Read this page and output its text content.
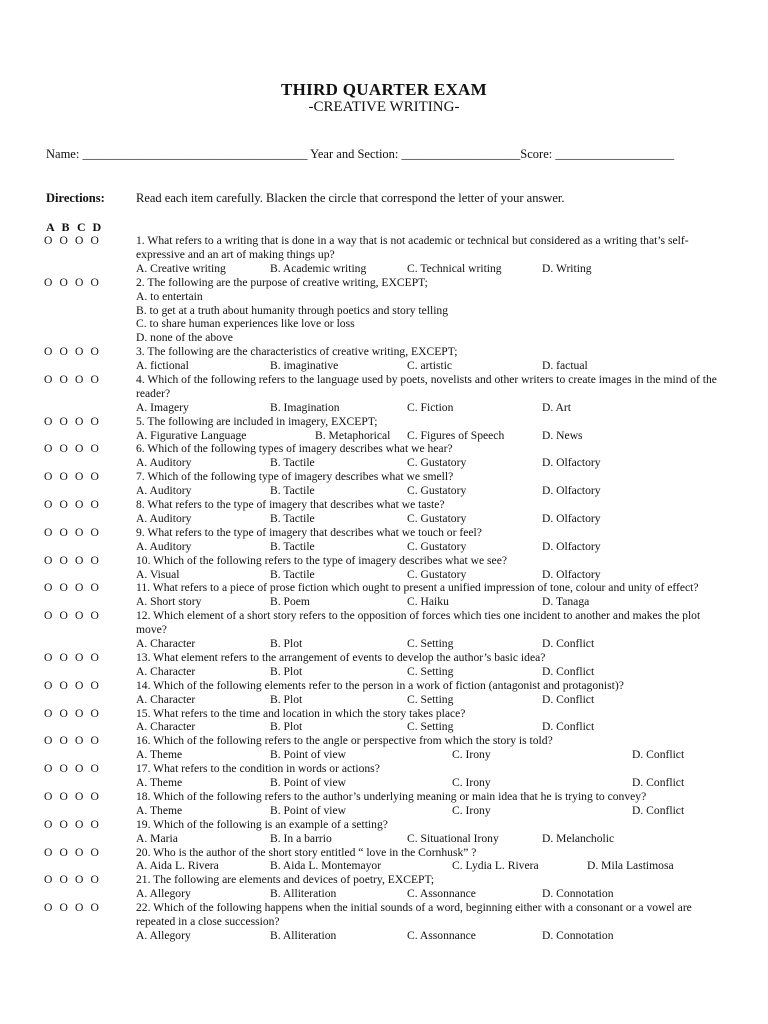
THIRD QUARTER EXAM
-CREATIVE WRITING-
Name: ____________________________________ Year and Section: ___________________Score: ___________________
Directions: Read each item carefully. Blacken the circle that correspond the letter of your answer.
A B C D
O O O O	1. What refers to a writing that is done in a way that is not academic or technical but considered as a writing that’s self-expressive and an art of making things up?
A. Creative writing	B. Academic writing	C. Technical writing	D. Writing
O O O O	2. The following are the purpose of creative writing, EXCEPT;
A. to entertain
B. to get at a truth about humanity through poetics and story telling
C. to share human experiences like love or loss
D. none of the above
O O O O	3. The following are the characteristics of creative writing, EXCEPT;
A. fictional	B. imaginative	C. artistic	D. factual
O O O O	4. Which of the following refers to the language used by poets, novelists and other writers to create images in the mind of the reader?
A. Imagery	B. Imagination	C. Fiction	D. Art
O O O O	5. The following are included in imagery, EXCEPT;
A. Figurative Language	B. Metaphorical C. Figures of Speech	D. News
O O O O	6. Which of the following types of imagery describes what we hear?
A. Auditory	B. Tactile	C. Gustatory	D. Olfactory
O O O O	7. Which of the following type of imagery describes what we smell?
A. Auditory	B. Tactile	C. Gustatory	D. Olfactory
O O O O	8. What refers to the type of imagery that describes what we taste?
A. Auditory	B. Tactile	C. Gustatory	D. Olfactory
O O O O	9. What refers to the type of imagery that describes what we touch or feel?
A. Auditory	B. Tactile	C. Gustatory	D. Olfactory
O O O O	10. Which of the following refers to the type of imagery describes what we see?
A. Visual	B. Tactile	C. Gustatory	D. Olfactory
O O O O	11. What refers to a piece of prose fiction which ought to present a unified impression of tone, colour and unity of effect?
A. Short story	B. Poem	C. Haiku	D. Tanaga
O O O O	12. Which element of a short story refers to the opposition of forces which ties one incident to another and makes the plot move?
A. Character	B. Plot	C. Setting	D. Conflict
O O O O	13. What element refers to the arrangement of events to develop the author’s basic idea?
A. Character	B. Plot	C. Setting	D. Conflict
O O O O	14. Which of the following elements refer to the person in a work of fiction (antagonist and protagonist)?
A. Character	B. Plot	C. Setting	D. Conflict
O O O O	15. What refers to the time and location in which the story takes place?
A. Character	B. Plot	C. Setting	D. Conflict
O O O O	16. Which of the following refers to the angle or perspective from which the story is told?
A. Theme	B. Point of view	C. Irony	D. Conflict
O O O O	17. What refers to the condition in words or actions?
A. Theme	B. Point of view	C. Irony	D. Conflict
O O O O	18. Which of the following refers to the author’s underlying meaning or main idea that he is trying to convey?
A. Theme	B. Point of view	C. Irony	D. Conflict
O O O O	19. Which of the following is an example of a setting?
A. Maria	B. In a barrio	C. Situational Irony	D. Melancholic
O O O O	20. Who is the author of the short story entitled “ love in the Cornhusk” ?
A. Aida L. Rivera	B. Aida L. Montemayor	C. Lydia L. Rivera	D. Mila Lastimosa
O O O O	21. The following are elements and devices of poetry, EXCEPT;
A. Allegory	B. Alliteration	C. Assonnance	D. Connotation
O O O O	22. Which of the following happens when the initial sounds of a word, beginning either with a consonant or a vowel are repeated in a close succession?
A. Allegory	B. Alliteration	C. Assonnance	D. Connotation
